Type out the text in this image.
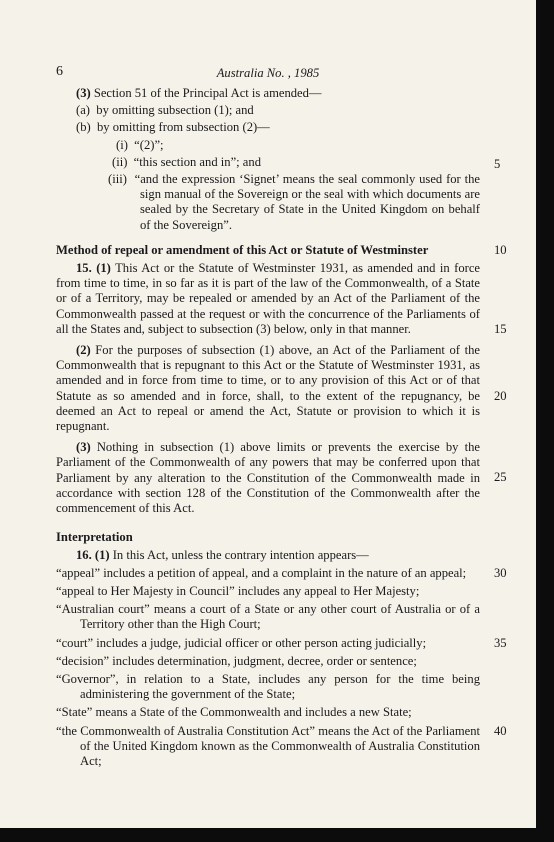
6	Australia No. , 1985
(3) Section 51 of the Principal Act is amended—
(a)  by omitting subsection (1); and
(b)  by omitting from subsection (2)—
(i)  “(2)”;
(ii)  “this section and in”; and	5
(iii)  “and the expression ‘Signet’ means the seal commonly used for the sign manual of the Sovereign or the seal with which documents are sealed by the Secretary of State in the United Kingdom on behalf of the Sovereign”.
Method of repeal or amendment of this Act or Statute of Westminster	10
15
15. (1) This Act or the Statute of Westminster 1931, as amended and in force from time to time, in so far as it is part of the law of the Commonwealth, of a State or of a Territory, may be repealed or amended by an Act of the Parliament of the Commonwealth passed at the request or with the concurrence of the Parliaments of all the States and, subject to subsection (3) below, only in that manner.
20
(2) For the purposes of subsection (1) above, an Act of the Parliament of the Commonwealth that is repugnant to this Act or the Statute of Westminster 1931, as amended and in force from time to time, or to any provision of this Act or of that Statute as so amended and in force, shall, to the extent of the repugnancy, be deemed an Act to repeal or amend the Act, Statute or provision to which it is repugnant.
25
(3) Nothing in subsection (1) above limits or prevents the exercise by the Parliament of the Commonwealth of any powers that may be conferred upon that Parliament by any alteration to the Constitution of the Commonwealth made in accordance with section 128 of the Constitution of the Commonwealth after the commencement of this Act.
Interpretation
16. (1) In this Act, unless the contrary intention appears—
30
“appeal” includes a petition of appeal, and a complaint in the nature of an appeal;
“appeal to Her Majesty in Council” includes any appeal to Her Majesty;
“Australian court” means a court of a State or any other court of Australia or of a Territory other than the High Court;
35
“court” includes a judge, judicial officer or other person acting judicially;
“decision” includes determination, judgment, decree, order or sentence;
“Governor”, in relation to a State, includes any person for the time being administering the government of the State;
“State” means a State of the Commonwealth and includes a new State;
40
“the Commonwealth of Australia Constitution Act” means the Act of the Parliament of the United Kingdom known as the Commonwealth of Australia Constitution Act;
